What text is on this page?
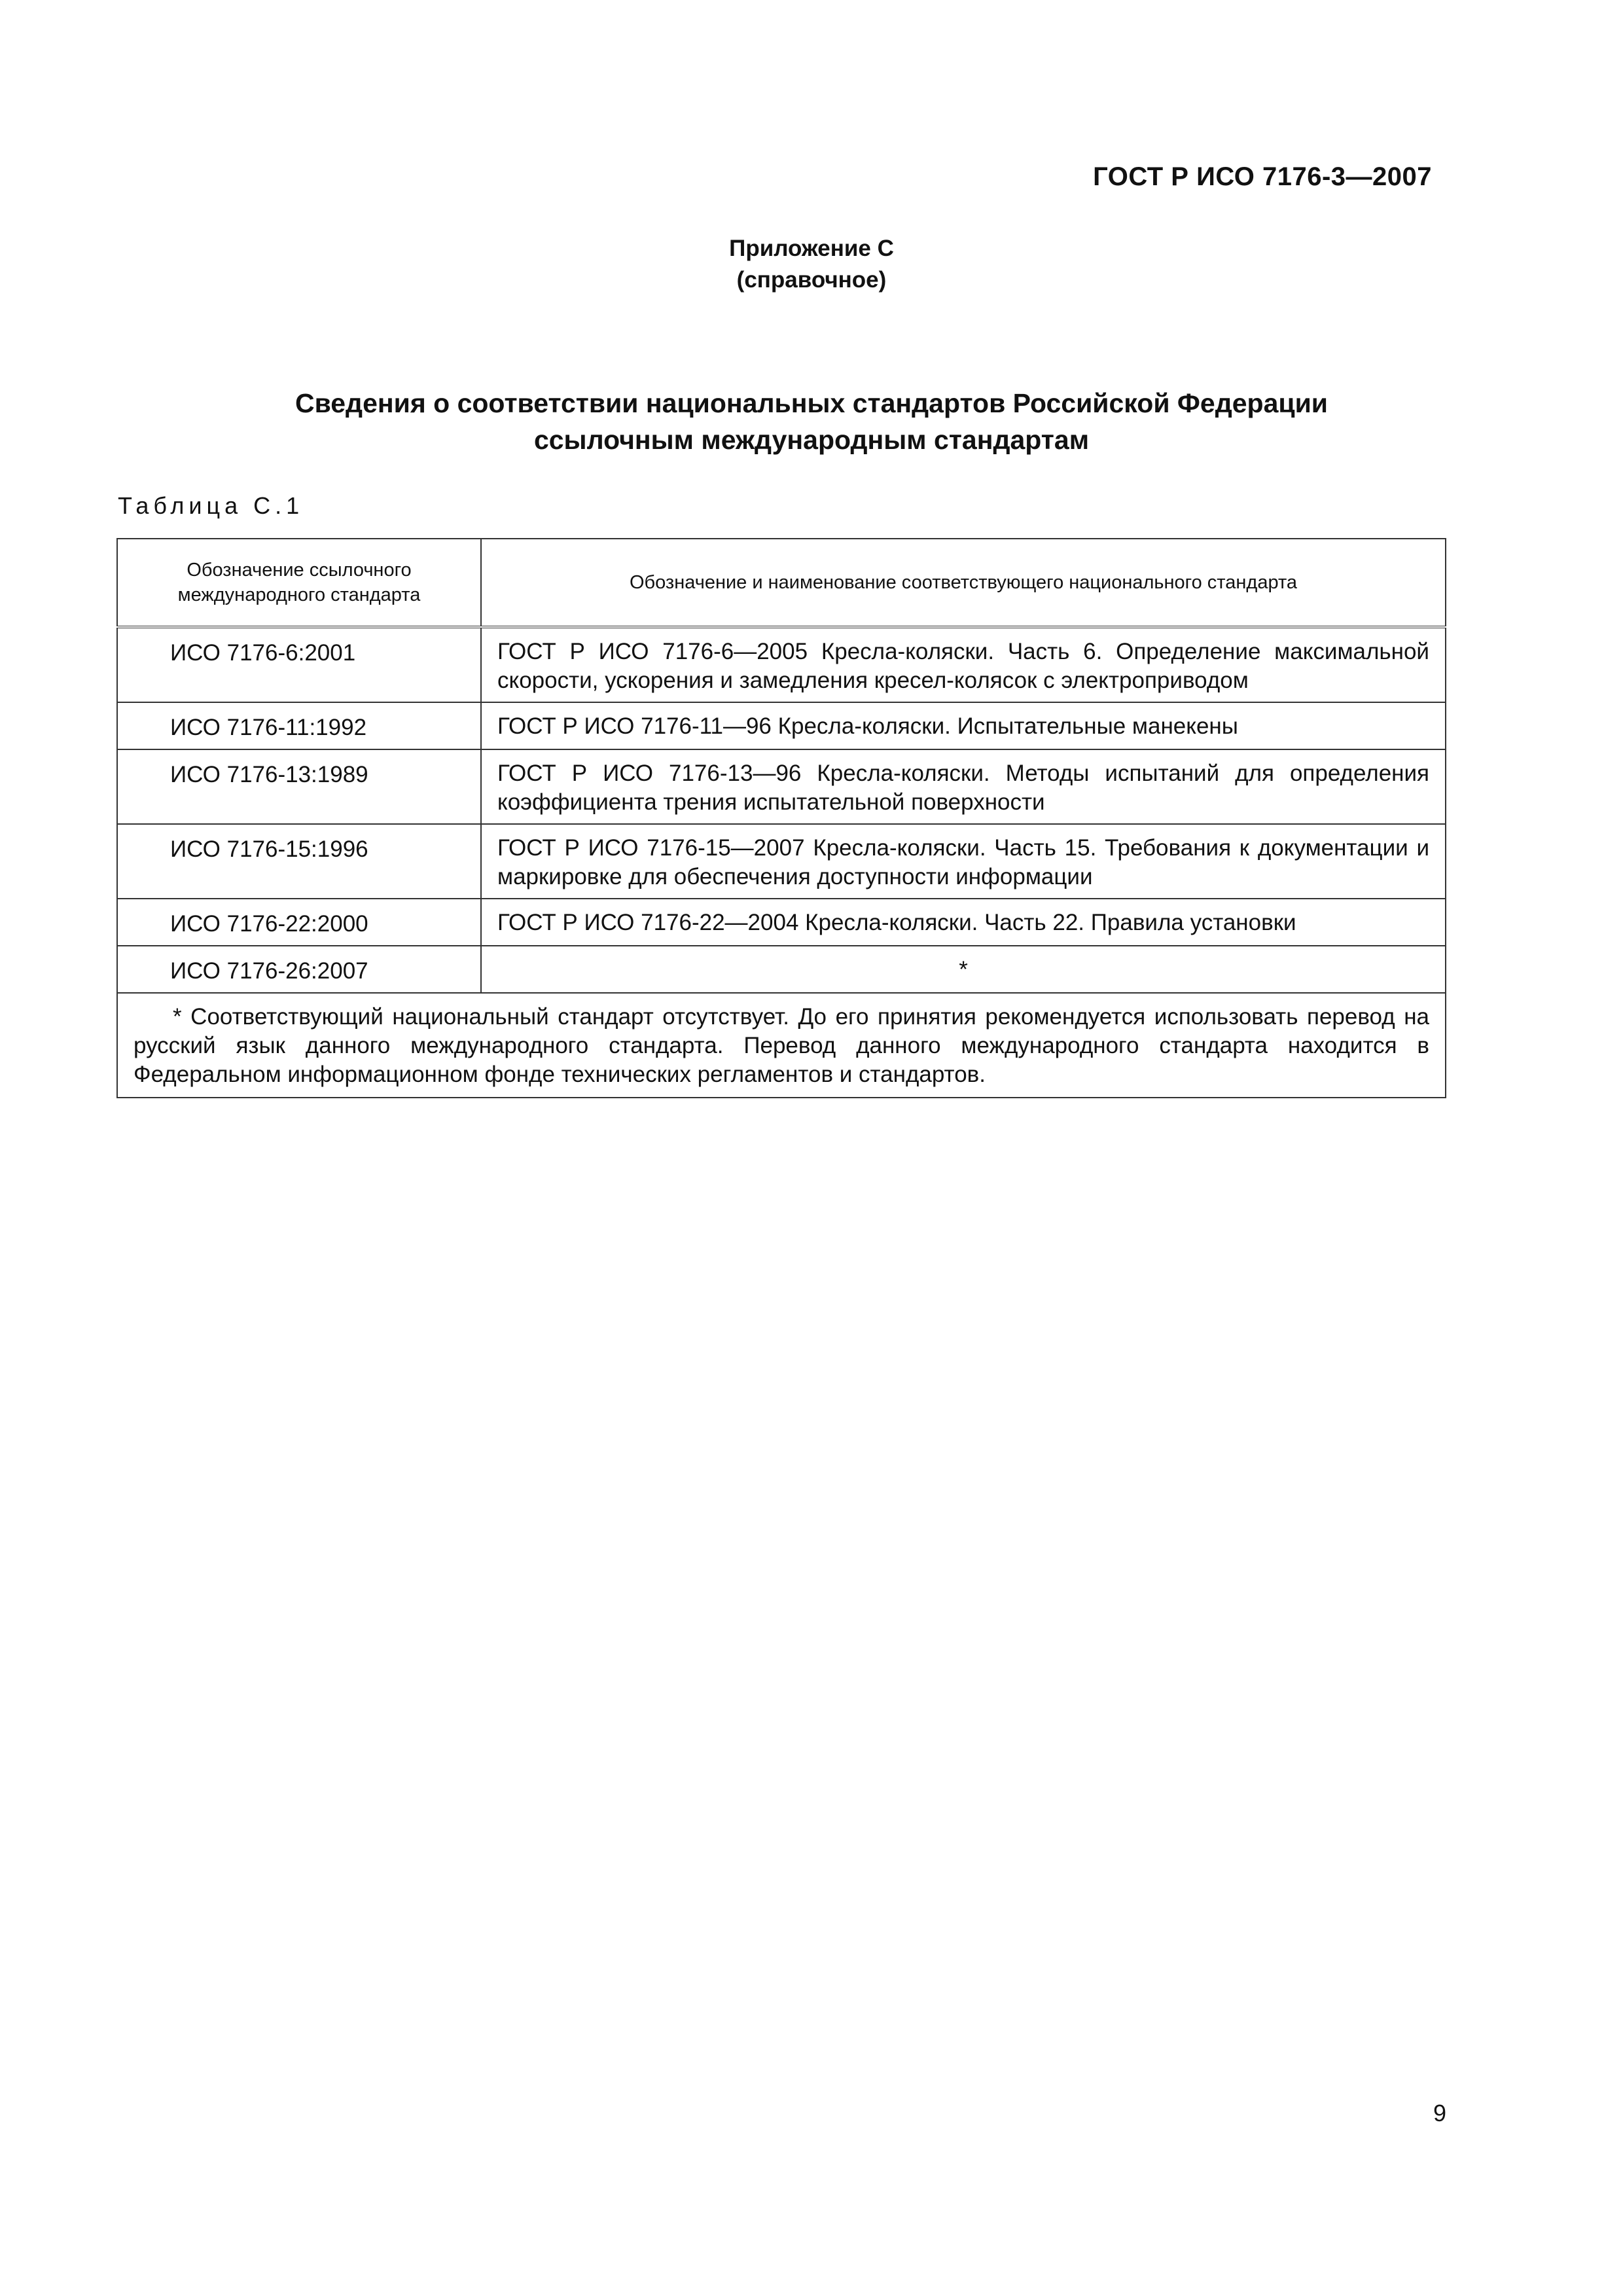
ГОСТ Р ИСО 7176-3—2007
Приложение С
(справочное)
Сведения о соответствии национальных стандартов Российской Федерации
ссылочным международным стандартам
Таблица С.1
Обозначение ссылочного международного стандарта	Обозначение и наименование соответствующего национального стандарта
ИСО 7176-6:2001	ГОСТ Р ИСО 7176-6—2005 Кресла-коляски. Часть 6. Определение максимальной скорости, ускорения и замедления кресел-колясок с электроприводом
ИСО 7176-11:1992	ГОСТ Р ИСО 7176-11—96 Кресла-коляски. Испытательные манекены
ИСО 7176-13:1989	ГОСТ Р ИСО 7176-13—96 Кресла-коляски. Методы испытаний для определения коэффициента трения испытательной поверхности
ИСО 7176-15:1996	ГОСТ Р ИСО 7176-15—2007 Кресла-коляски. Часть 15. Требования к документации и маркировке для обеспечения доступности информации
ИСО 7176-22:2000	ГОСТ Р ИСО 7176-22—2004 Кресла-коляски. Часть 22. Правила установки
ИСО 7176-26:2007	*
* Соответствующий национальный стандарт отсутствует. До его принятия рекомендуется использовать перевод на русский язык данного международного стандарта. Перевод данного международного стандарта находится в Федеральном информационном фонде технических регламентов и стандартов.	
9
